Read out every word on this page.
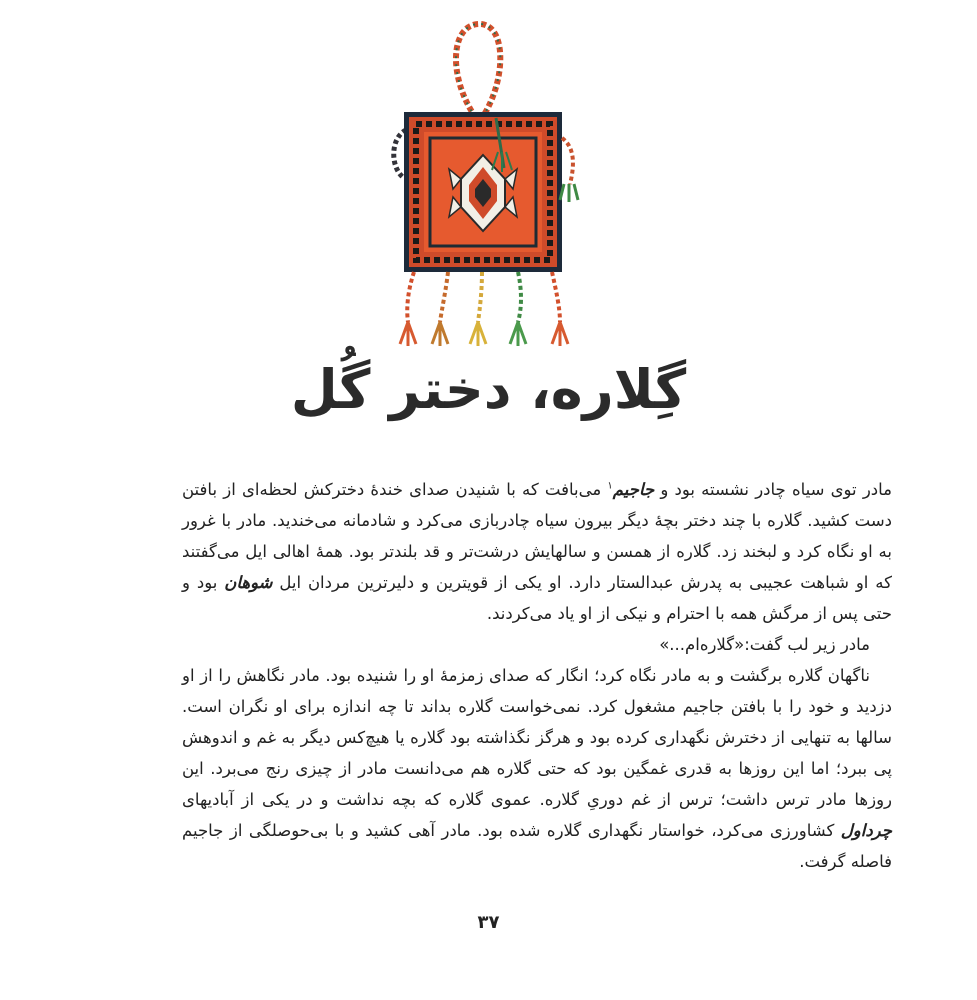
گِلاره، دختر گُل

مادر توی سیاه چادر نشسته بود و جاجیم$^۱$ می‌بافت که با شنیدن صدای خندهٔ دخترکش لحظه‌ای از بافتن دست کشید. گلاره با چند دختر بچهٔ دیگر بیرون سیاه چادربازی می‌کرد و شادمانه می‌خندید. مادر با غرور به او نگاه کرد و لبخند زد. گلاره از همسن و سالهایش درشت‌تر و قد بلندتر بود. همهٔ اهالی ایل می‌گفتند که او شباهت عجیبی به پدرش عبدالستار دارد. او یکی از قویترین و دلیرترین مردان ایل شوهان بود و حتی پس از مرگش همه با احترام و نیکی از او یاد می‌کردند.

مادر زیر لب گفت:«گلاره‌ام...»

ناگهان گلاره برگشت و به مادر نگاه کرد؛ انگار که صدای زمزمهٔ او را شنیده بود. مادر نگاهش را از او دزدید و خود را با بافتن جاجیم مشغول کرد. نمی‌خواست گلاره بداند تا چه اندازه برای او نگران است. سالها به تنهایی از دخترش نگهداری کرده بود و هرگز نگذاشته بود گلاره یا هیچ‌کس دیگر به غم و اندوهش پی ببرد؛ اما این روزها به قدری غمگین بود که حتی گلاره هم می‌دانست مادر از چیزی رنج می‌برد. این روزها مادر ترس داشت؛ ترس از غم دوریِ گلاره. عموی گلاره که بچه نداشت و در یکی از آبادیهای چرداول کشاورزی می‌کرد، خواستار نگهداری گلاره شده بود. مادر آهی کشید و با بی‌حوصلگی از جاجیم فاصله گرفت.

۳۷
